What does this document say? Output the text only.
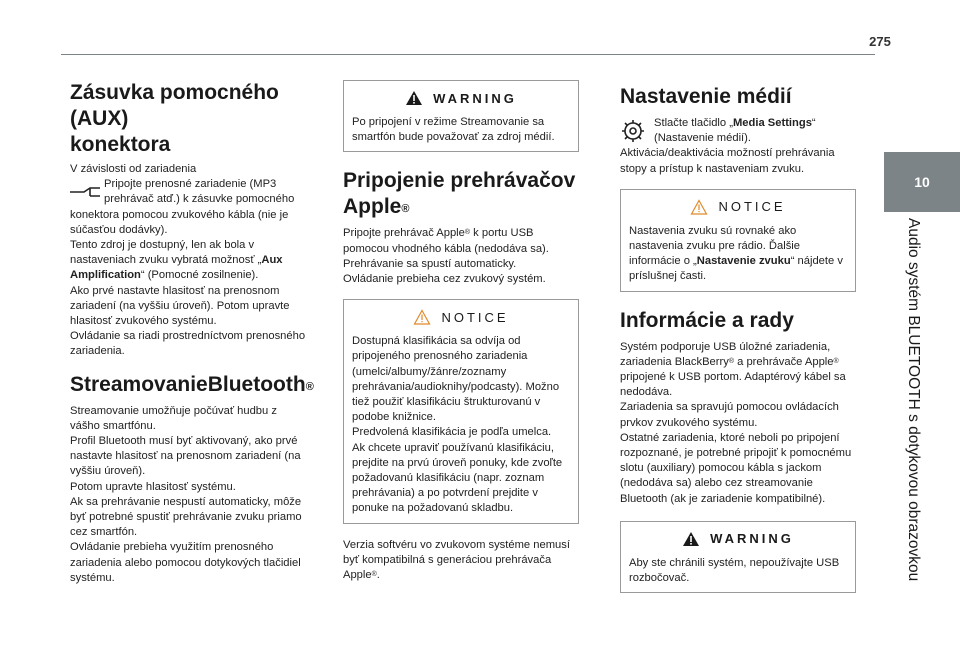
275
10
Audio systém BLUETOOTH s dotykovou obrazovkou
Zásuvka pomocného (AUX)
konektora

V závislosti od zariadenia

Pripojte prenosné zariadenie (MP3 prehrávač atď.) k zásuvke pomocného

konektora pomocou zvukového kábla (nie je súčasťou dodávky).

Tento zdroj je dostupný, len ak bola v nastaveniach zvuku vybratá možnosť „Aux Amplification“ (Pomocné zosilnenie).

Ako prvé nastavte hlasitosť na prenosnom zariadení (na vyššiu úroveň). Potom upravte hlasitosť zvukového systému.

Ovládanie sa riadi prostredníctvom prenosného zariadenia.

StreamovanieBluetooth®

Streamovanie umožňuje počúvať hudbu z vášho smartfónu.

Profil Bluetooth musí byť aktivovaný, ako prvé nastavte hlasitosť na prenosnom zariadení (na vyššiu úroveň).

Potom upravte hlasitosť systému.

Ak sa prehrávanie nespustí automaticky, môže byť potrebné spustiť prehrávanie zvuku priamo cez smartfón.

Ovládanie prebieha využitím prenosného zariadenia alebo pomocou dotykových tlačidiel systému.

WARNING

Po pripojení v režime Streamovanie sa smartfón bude považovať za zdroj médií.

Pripojenie prehrávačov
Apple®

Pripojte prehrávač Apple® k portu USB pomocou vhodného kábla (nedodáva sa).

Prehrávanie sa spustí automaticky.

Ovládanie prebieha cez zvukový systém.

NOTICE

Dostupná klasifikácia sa odvíja od pripojeného prenosného zariadenia (umelci/albumy/žánre/zoznamy prehrávania/audioknihy/podcasty). Možno tiež použiť klasifikáciu štrukturovanú v podobe knižnice.

Predvolená klasifikácia je podľa umelca.

Ak chcete upraviť používanú klasifikáciu, prejdite na prvú úroveň ponuky, kde zvoľte požadovanú klasifikáciu (napr. zoznam prehrávania) a po potvrdení prejdite v ponuke na požadovanú skladbu.

Verzia softvéru vo zvukovom systéme nemusí byť kompatibilná s generáciou prehrávača Apple®.

Nastavenie médií

Stlačte tlačidlo „Media Settings“ (Nastavenie médií).

Aktivácia/deaktivácia možností prehrávania stopy a prístup k nastaveniam zvuku.

NOTICE

Nastavenia zvuku sú rovnaké ako nastavenia zvuku pre rádio. Ďalšie informácie o „Nastavenie zvuku“ nájdete v príslušnej časti.

Informácie a rady

Systém podporuje USB úložné zariadenia, zariadenia BlackBerry® a prehrávače Apple® pripojené k USB portom. Adaptérový kábel sa nedodáva.

Zariadenia sa spravujú pomocou ovládacích prvkov zvukového systému.

Ostatné zariadenia, ktoré neboli po pripojení rozpoznané, je potrebné pripojiť k pomocnému slotu (auxiliary) pomocou kábla s jackom (nedodáva sa) alebo cez streamovanie Bluetooth (ak je zariadenie kompatibilné).

WARNING

Aby ste chránili systém, nepoužívajte USB rozbočovač.
